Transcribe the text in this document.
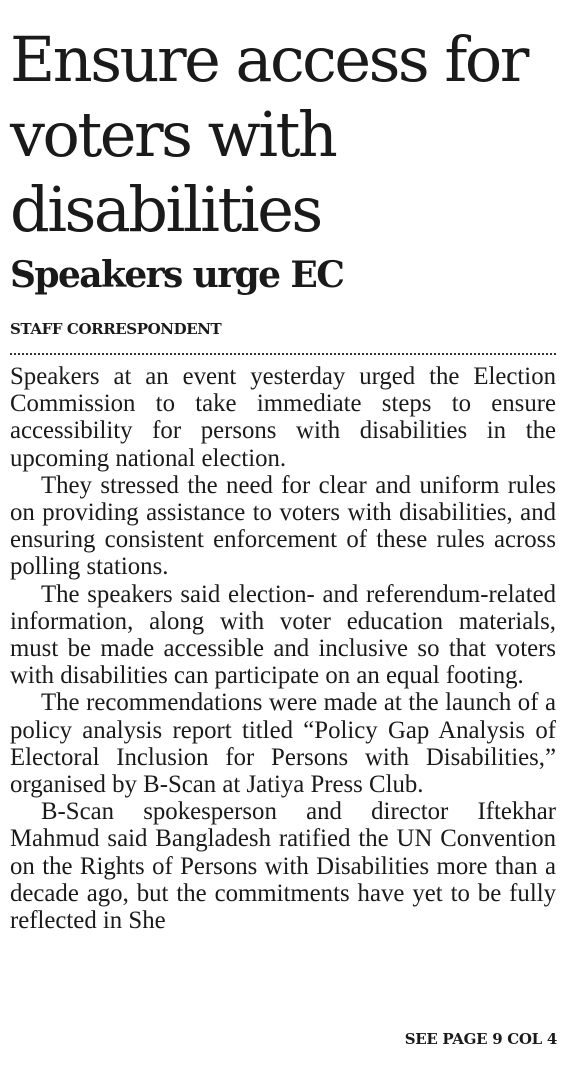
Ensure access for voters with disabilities
Speakers urge EC
STAFF CORRESPONDENT

Speakers at an event yesterday urged the Election Commission to take immediate steps to ensure accessibility for persons with disabilities in the upcoming national election.

They stressed the need for clear and uniform rules on providing assistance to voters with disabilities, and ensuring consistent enforcement of these rules across polling stations.

The speakers said election- and referendum-related information, along with voter education materials, must be made accessible and inclusive so that voters with disabilities can participate on an equal footing.

The recommendations were made at the launch of a policy analysis report titled “Policy Gap Analysis of Electoral Inclusion for Persons with Disabilities,” organised by B-Scan at Jatiya Press Club.

B-Scan spokesperson and director Iftekhar Mahmud said Bangladesh ratified the UN Convention on the Rights of Persons with Disabilities more than a decade ago, but the commitments have yet to be fully reflected in She

SEE PAGE 9 COL 4
